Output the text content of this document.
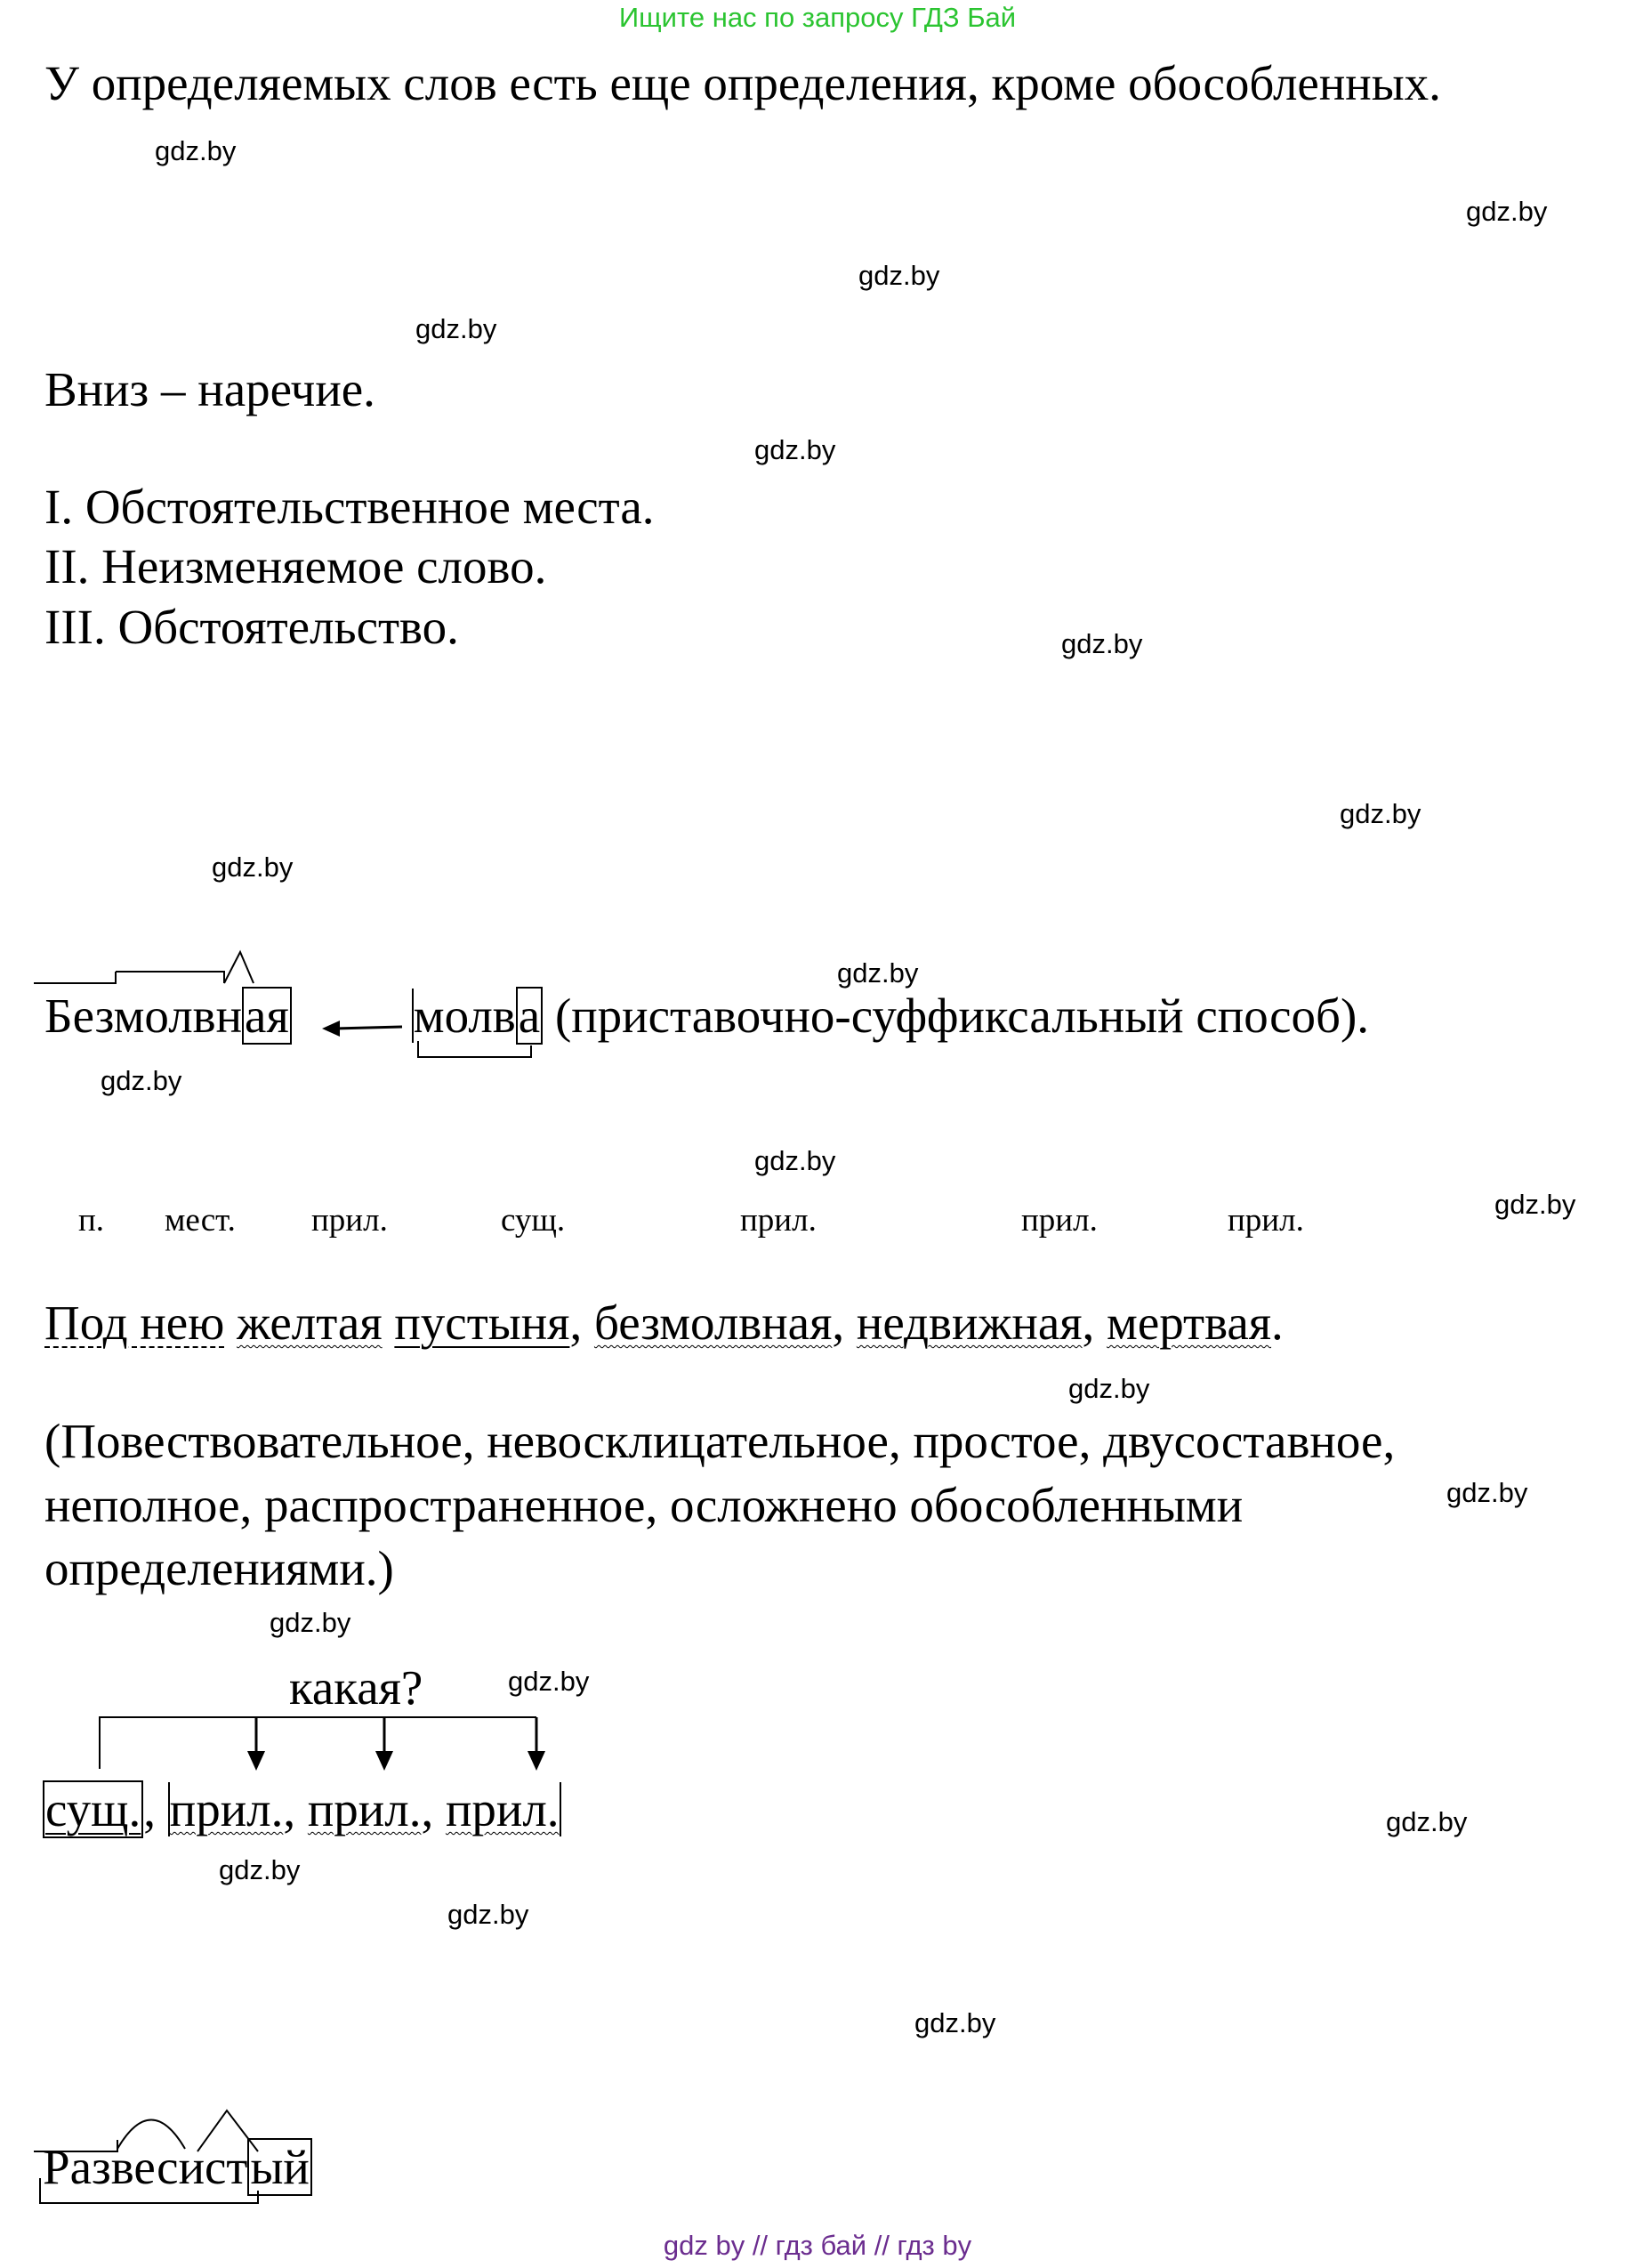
Ищите нас по запросу ГДЗ Бай
У определяемых слов есть еще определения, кроме обособленных.
Вниз – наречие.
I. Обстоятельственное места.
II. Неизменяемое слово.
III. Обстоятельство.
Безмолвная	молва (приставочно-суффиксальный способ).
п. мест. прил.	сущ.	прил.	прил.	прил.
Под нею желтая пустыня, безмолвная, недвижная, мертвая.
(Повествовательное, невосклицательное, простое, двусоставное,
неполное, распространенное, осложнено обособленными
определениями.)
какая?
сущ., прил., прил., прил.
Развесистый
gdz.by
gdz.by
gdz.by
gdz.by
gdz.by
gdz.by
gdz.by
gdz.by
gdz.by
gdz.by
gdz.by
gdz.by
gdz.by
gdz.by
gdz.by
gdz.by
gdz.by
gdz.by
gdz.by
gdz.by
gdz by // гдз бай // гдз by
